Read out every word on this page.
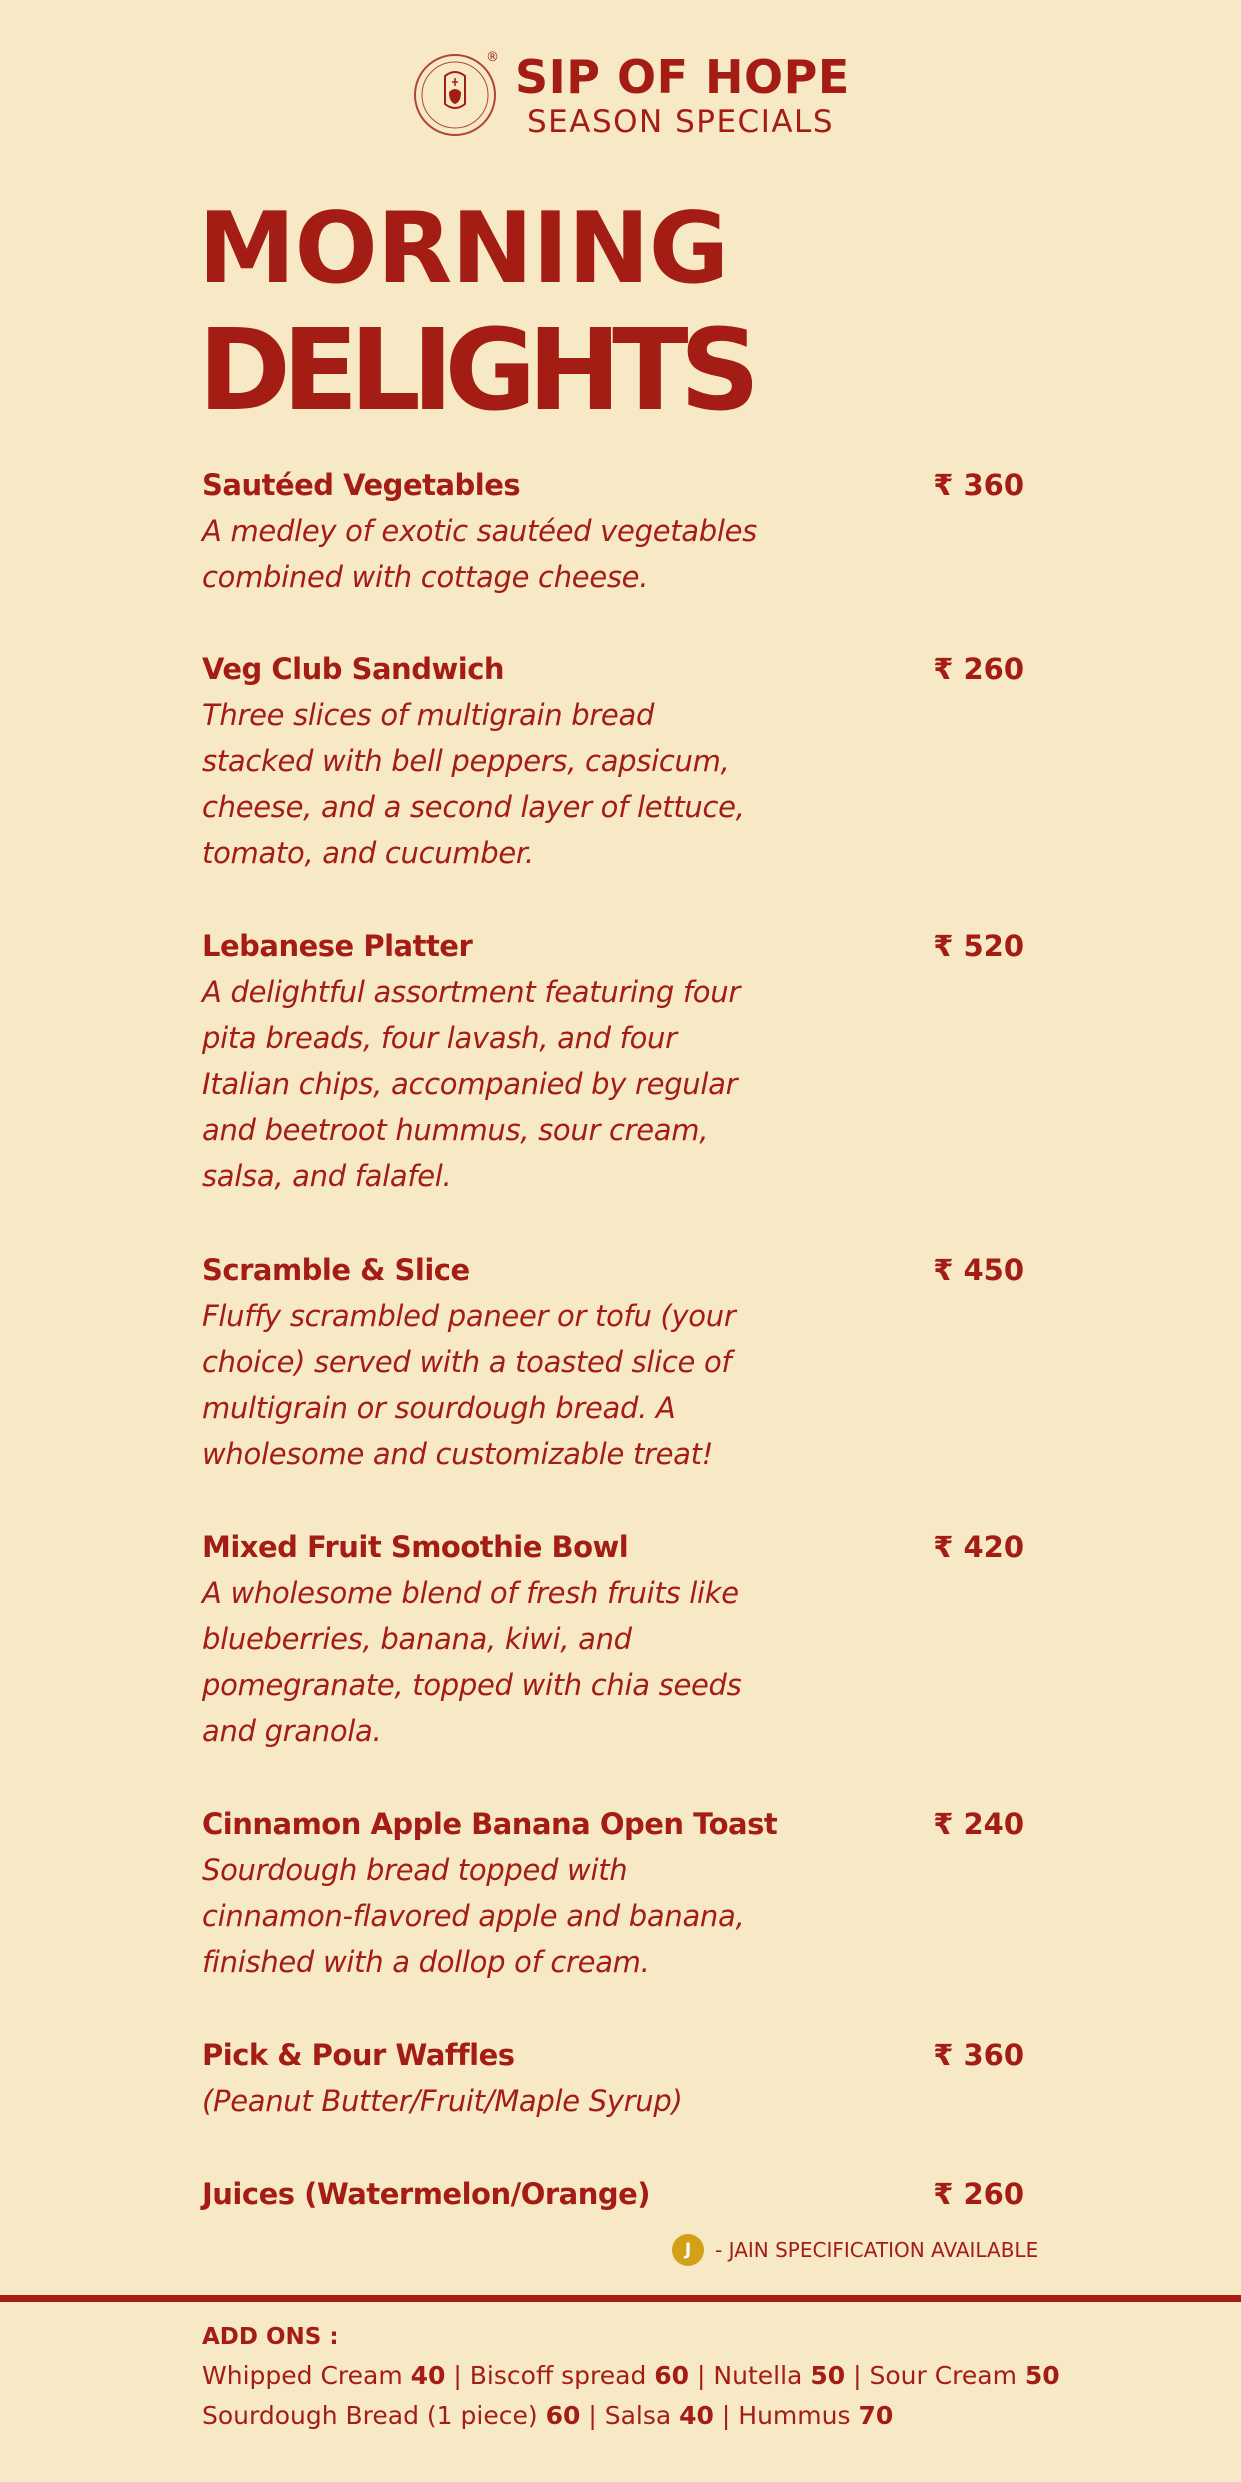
® SIP OF HOPE
SEASON SPECIALS
MORNING
DELIGHTS
Sautéed Vegetables	₹ 360
A medley of exotic sautéed vegetables combined with cottage cheese.
Veg Club Sandwich	₹ 260
Three slices of multigrain bread stacked with bell peppers, capsicum, cheese, and a second layer of lettuce, tomato, and cucumber.
Lebanese Platter	₹ 520
A delightful assortment featuring four pita breads, four lavash, and four Italian chips, accompanied by regular and beetroot hummus, sour cream, salsa, and falafel.
Scramble & Slice	₹ 450
Fluffy scrambled paneer or tofu (your choice) served with a toasted slice of multigrain or sourdough bread. A wholesome and customizable treat!
Mixed Fruit Smoothie Bowl	₹ 420
A wholesome blend of fresh fruits like blueberries, banana, kiwi, and pomegranate, topped with chia seeds and granola.
Cinnamon Apple Banana Open Toast	₹ 240
Sourdough bread topped with cinnamon-flavored apple and banana, finished with a dollop of cream.
Pick & Pour Waffles	₹ 360
(Peanut Butter/Fruit/Maple Syrup)
Juices (Watermelon/Orange)	₹ 260
J - JAIN SPECIFICATION AVAILABLE
ADD ONS :
Whipped Cream 40 | Biscoff spread 60 | Nutella 50 | Sour Cream 50
Sourdough Bread (1 piece) 60 | Salsa 40 | Hummus 70
